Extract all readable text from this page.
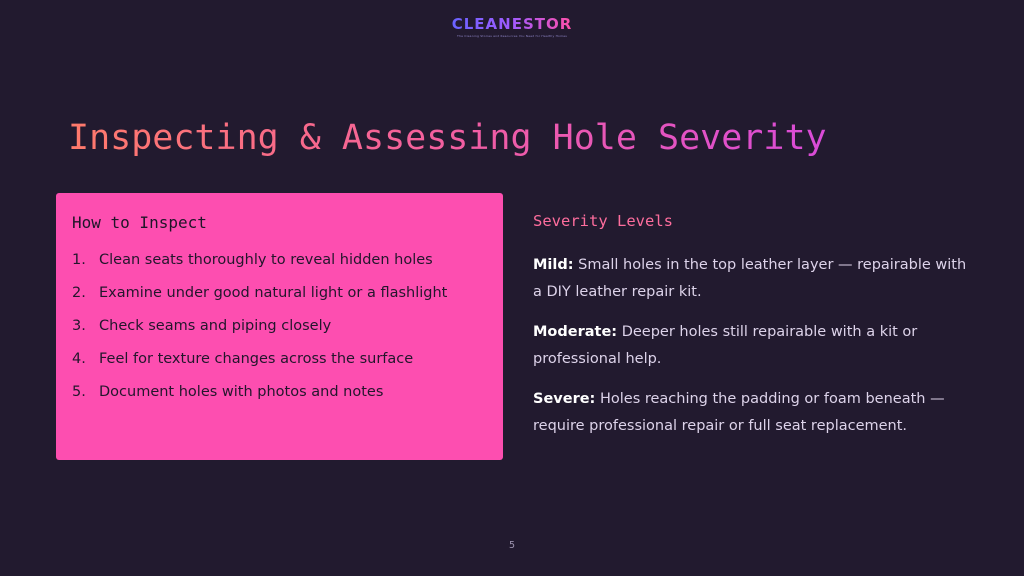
CLEANESTOR
The Cleaning Stories and Resources You Need for Healthy Homes
Inspecting & Assessing Hole Severity
How to Inspect
1. Clean seats thoroughly to reveal hidden holes
2. Examine under good natural light or a flashlight
3. Check seams and piping closely
4. Feel for texture changes across the surface
5. Document holes with photos and notes
Severity Levels

Mild: Small holes in the top leather layer — repairable with a DIY leather repair kit.

Moderate: Deeper holes still repairable with a kit or professional help.

Severe: Holes reaching the padding or foam beneath — require professional repair or full seat replacement.

5
